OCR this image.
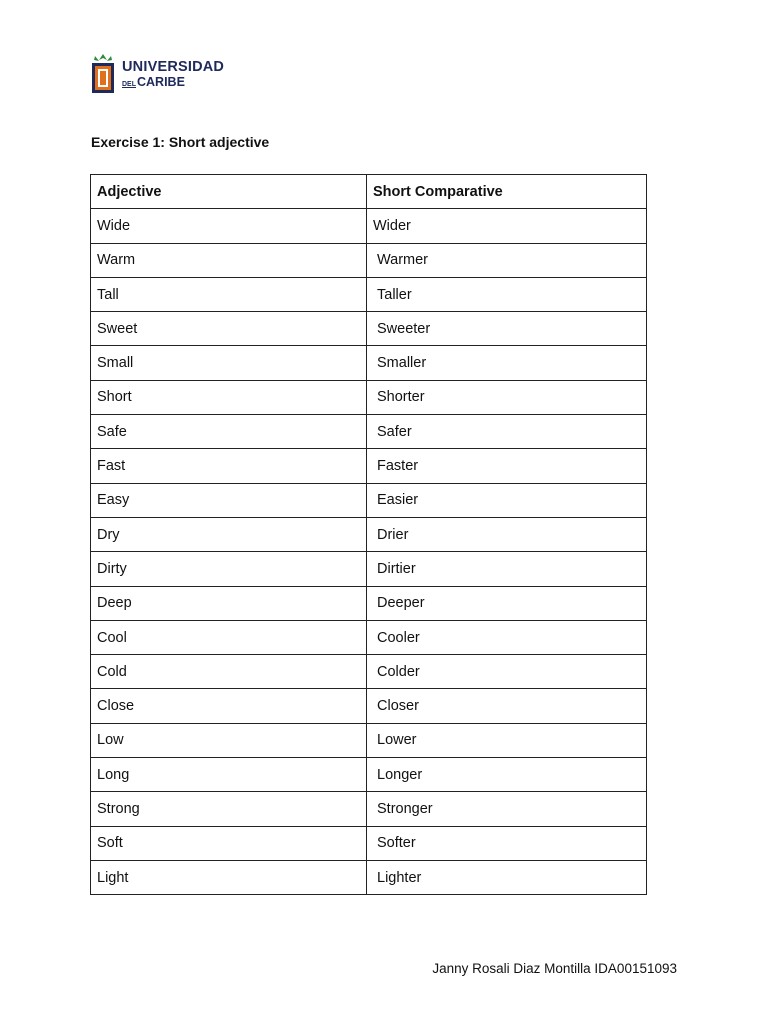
UNIVERSIDAD
DEL CARIBE
Exercise 1: Short adjective
Adjective	Short Comparative
Wide	Wider
Warm	Warmer
Tall	Taller
Sweet	Sweeter
Small	Smaller
Short	Shorter
Safe	Safer
Fast	Faster
Easy	Easier
Dry	Drier
Dirty	Dirtier
Deep	Deeper
Cool	Cooler
Cold	Colder
Close	Closer
Low	Lower
Long	Longer
Strong	Stronger
Soft	Softer
Light	Lighter
Janny Rosali Diaz Montilla IDA00151093
